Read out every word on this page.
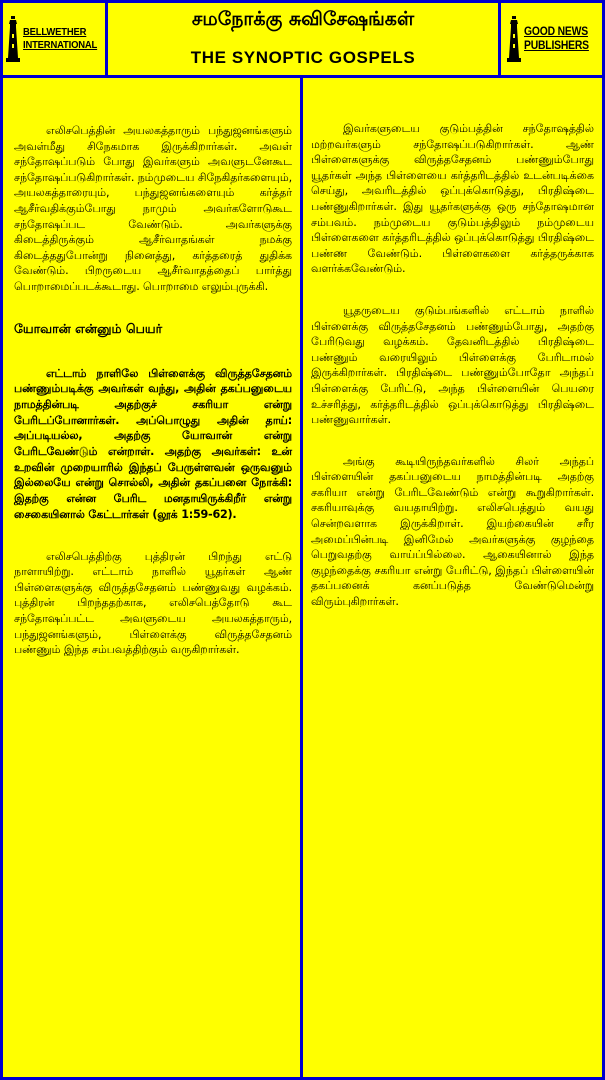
BELLWETHER
INTERNATIONAL
சமநோக்கு சுவிசேஷங்கள்
THE SYNOPTIC GOSPELS
GOOD NEWS
PUBLISHERS

எலிசபெத்தின் அயலகத்தாரும் பந்துஜனங்களும் அவள்மீது சிநேகமாக இருக்கிறார்கள். அவள் சந்தோஷப்படும் போது இவர்களும் அவளுடனேகூட சந்தோஷப்படுகிறார்கள். நம்முடைய சிநேகிதர்களையும், அயலகத்தாரையும், பந்துஜனங்களையும் கர்த்தர் ஆசீர்வதிக்கும்போது நாமும் அவர்களோடுகூட சந்தோஷப்பட வேண்டும். அவர்களுக்கு கிடைத்திருக்கும் ஆசீர்வாதங்கள் நமக்கு கிடைத்ததுபோன்று நினைத்து, கர்த்தரைத் துதிக்க வேண்டும். பிறருடைய ஆசீர்வாதத்தைப் பார்த்து பொறாமைப்படக்கூடாது. பொறாமை எலும்புருக்கி.

யோவான் என்னும் பெயர்

எட்டாம் நாளிலே பிள்ளைக்கு விருத்தசேதனம் பண்ணும்படிக்கு அவர்கள் வந்து, அதின் தகப்பனுடைய நாமத்தின்படி அதற்குச் சகரியா என்று பேரிடப்போனார்கள். அப்பொழுது அதின் தாய்: அப்படியல்ல, அதற்கு யோவான் என்று பேரிடவேண்டும் என்றாள். அதற்கு அவர்கள்: உன் உறவின் முறையாரில் இந்தப் பேருள்ளவன் ஒருவனும் இல்லையே என்று சொல்லி, அதின் தகப்பனை நோக்கி: இதற்கு என்ன பேரிட மனதாயிருக்கிறீர் என்று சைகையினால் கேட்டார்கள் (லூக் 1:59-62).

எலிசபெத்திற்கு புத்திரன் பிறந்து எட்டு நாளாயிற்று. எட்டாம் நாளில் யூதர்கள் ஆண் பிள்ளைகளுக்கு விருத்தசேதனம் பண்ணுவது வழக்கம். புத்திரன் பிறந்ததற்காக, எலிசபெத்தோடு கூட சந்தோஷப்பட்ட அவளுடைய அயலகத்தாரும், பந்துஜனங்களும், பிள்ளைக்கு விருத்தசேதனம் பண்ணும் இந்த சம்பவத்திற்கும் வருகிறார்கள்.

இவர்களுடைய குடும்பத்தின் சந்தோஷத்தில் மற்றவர்களும் சந்தோஷப்படுகிறார்கள். ஆண் பிள்ளைகளுக்கு விருத்தசேதனம் பண்ணும்போது யூதர்கள் அந்த பிள்ளையை கர்த்தரிடத்தில் உடன்படிக்கை செய்து, அவரிடத்தில் ஒப்புக்கொடுத்து, பிரதிஷ்டை பண்ணுகிறார்கள். இது யூதர்களுக்கு ஒரு சந்தோஷமான சம்பவம். நம்முடைய குடும்பத்திலும் நம்முடைய பிள்ளைகளை கர்த்தரிடத்தில் ஒப்புக்கொடுத்து பிரதிஷ்டை பண்ண வேண்டும். பிள்ளைகளை கர்த்தருக்காக வளர்க்கவேண்டும்.

யூதருடைய குடும்பங்களில் எட்டாம் நாளில் பிள்ளைக்கு விருத்தசேதனம் பண்ணும்போது, அதற்கு பேரிடுவது வழக்கம். தேவனிடத்தில் பிரதிஷ்டை பண்ணும் வரையிலும் பிள்ளைக்கு பேரிடாமல் இருக்கிறார்கள். பிரதிஷ்டை பண்ணும்போதோ அந்தப் பிள்ளைக்கு பேரிட்டு, அந்த பிள்ளையின் பெயரை உச்சரித்து, கர்த்தரிடத்தில் ஒப்புக்கொடுத்து பிரதிஷ்டை பண்ணுவார்கள்.

அங்கு கூடியிருந்தவர்களில் சிலர் அந்தப் பிள்ளையின் தகப்பனுடைய நாமத்தின்படி அதற்கு சகரியா என்று பேரிடவேண்டும் என்று கூறுகிறார்கள். சகரியாவுக்கு வயதாயிற்று. எலிசபெத்தும் வயது சென்றவளாக இருக்கிறாள். இயற்கையின் சரீர அமைப்பின்படி இனிமேல் அவர்களுக்கு குழந்தை பெறுவதற்கு வாய்ப்பில்லை. ஆகையினால் இந்த குழந்தைக்கு சகரியா என்று பேரிட்டு, இந்தப் பிள்ளையின் தகப்பனைக் கனப்படுத்த வேண்டுமென்று விரும்புகிறார்கள்.
